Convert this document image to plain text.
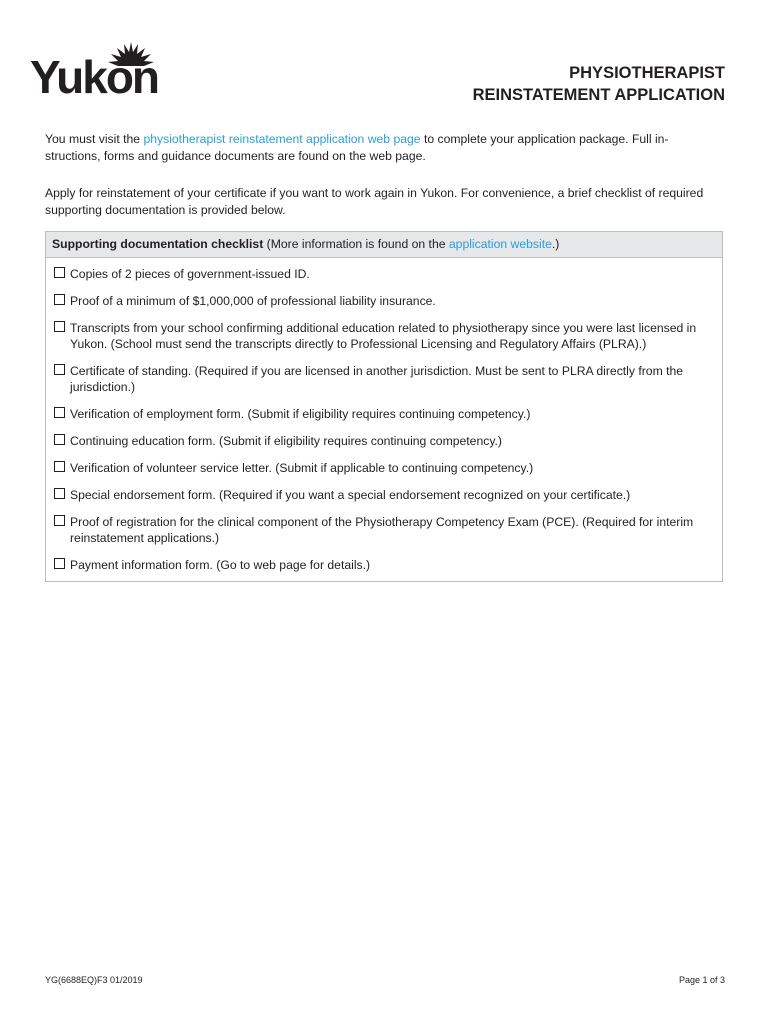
Yukon	PHYSIOTHERAPIST
REINSTATEMENT APPLICATION
You must visit the physiotherapist reinstatement application web page to complete your application package. Full in-structions, forms and guidance documents are found on the web page.
Apply for reinstatement of your certificate if you want to work again in Yukon. For convenience, a brief checklist of required supporting documentation is provided below.
Supporting documentation checklist (More information is found on the application website.)
Copies of 2 pieces of government-issued ID.
Proof of a minimum of $1,000,000 of professional liability insurance.
Transcripts from your school confirming additional education related to physiotherapy since you were last licensed in Yukon. (School must send the transcripts directly to Professional Licensing and Regulatory Affairs (PLRA).)
Certificate of standing. (Required if you are licensed in another jurisdiction. Must be sent to PLRA directly from the jurisdiction.)
Verification of employment form. (Submit if eligibility requires continuing competency.)
Continuing education form. (Submit if eligibility requires continuing competency.)
Verification of volunteer service letter. (Submit if applicable to continuing competency.)
Special endorsement form. (Required if you want a special endorsement recognized on your certificate.)
Proof of registration for the clinical component of the Physiotherapy Competency Exam (PCE). (Required for interim reinstatement applications.)
Payment information form. (Go to web page for details.)
YG(6688EQ)F3 01/2019	Page 1 of 3
